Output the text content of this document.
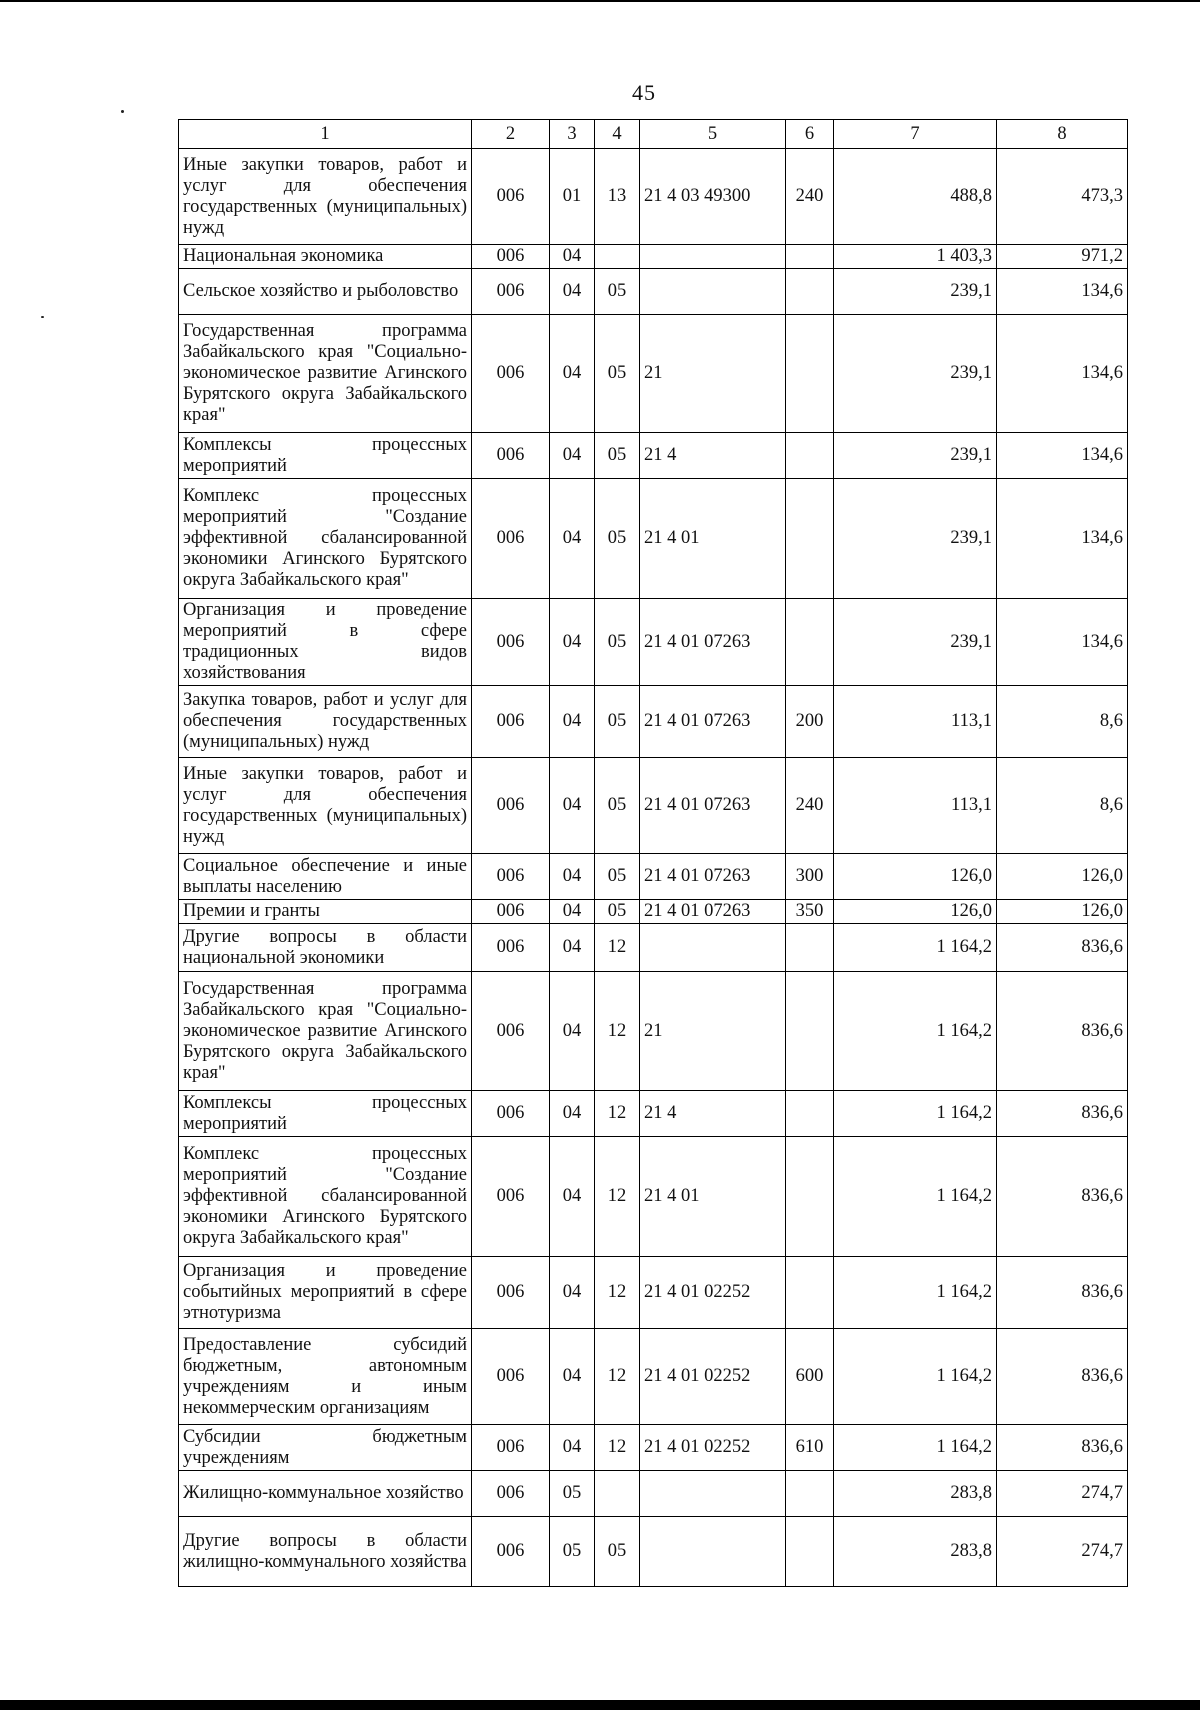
45
1	2	3	4	5	6	7	8
Иные закупки товаров, работ и услуг для обеспечения государственных (муниципальных) нужд	006	01	13	21 4 03 49300	240	488,8	473,3
Национальная экономика	006	04				1 403,3	971,2
Сельское хозяйство и рыболовство	006	04	05			239,1	134,6
Государственная программа Забайкальского края "Социально-экономическое развитие Агинского Бурятского округа Забайкальского края"	006	04	05	21		239,1	134,6
Комплексы процессных мероприятий	006	04	05	21 4		239,1	134,6
Комплекс процессных мероприятий "Создание эффективной сбалансированной экономики Агинского Бурятского округа Забайкальского края"	006	04	05	21 4 01		239,1	134,6
Организация и проведение мероприятий в сфере традиционных видов хозяйствования	006	04	05	21 4 01 07263		239,1	134,6
Закупка товаров, работ и услуг для обеспечения государственных (муниципальных) нужд	006	04	05	21 4 01 07263	200	113,1	8,6
Иные закупки товаров, работ и услуг для обеспечения государственных (муниципальных) нужд	006	04	05	21 4 01 07263	240	113,1	8,6
Социальное обеспечение и иные выплаты населению	006	04	05	21 4 01 07263	300	126,0	126,0
Премии и гранты	006	04	05	21 4 01 07263	350	126,0	126,0
Другие вопросы в области национальной экономики	006	04	12			1 164,2	836,6
Государственная программа Забайкальского края "Социально-экономическое развитие Агинского Бурятского округа Забайкальского края"	006	04	12	21		1 164,2	836,6
Комплексы процессных мероприятий	006	04	12	21 4		1 164,2	836,6
Комплекс процессных мероприятий "Создание эффективной сбалансированной экономики Агинского Бурятского округа Забайкальского края"	006	04	12	21 4 01		1 164,2	836,6
Организация и проведение событийных мероприятий в сфере этнотуризма	006	04	12	21 4 01 02252		1 164,2	836,6
Предоставление субсидий бюджетным, автономным учреждениям и иным некоммерческим организациям	006	04	12	21 4 01 02252	600	1 164,2	836,6
Субсидии бюджетным учреждениям	006	04	12	21 4 01 02252	610	1 164,2	836,6
Жилищно-коммунальное хозяйство	006	05				283,8	274,7
Другие вопросы в области жилищно-коммунального хозяйства	006	05	05			283,8	274,7
